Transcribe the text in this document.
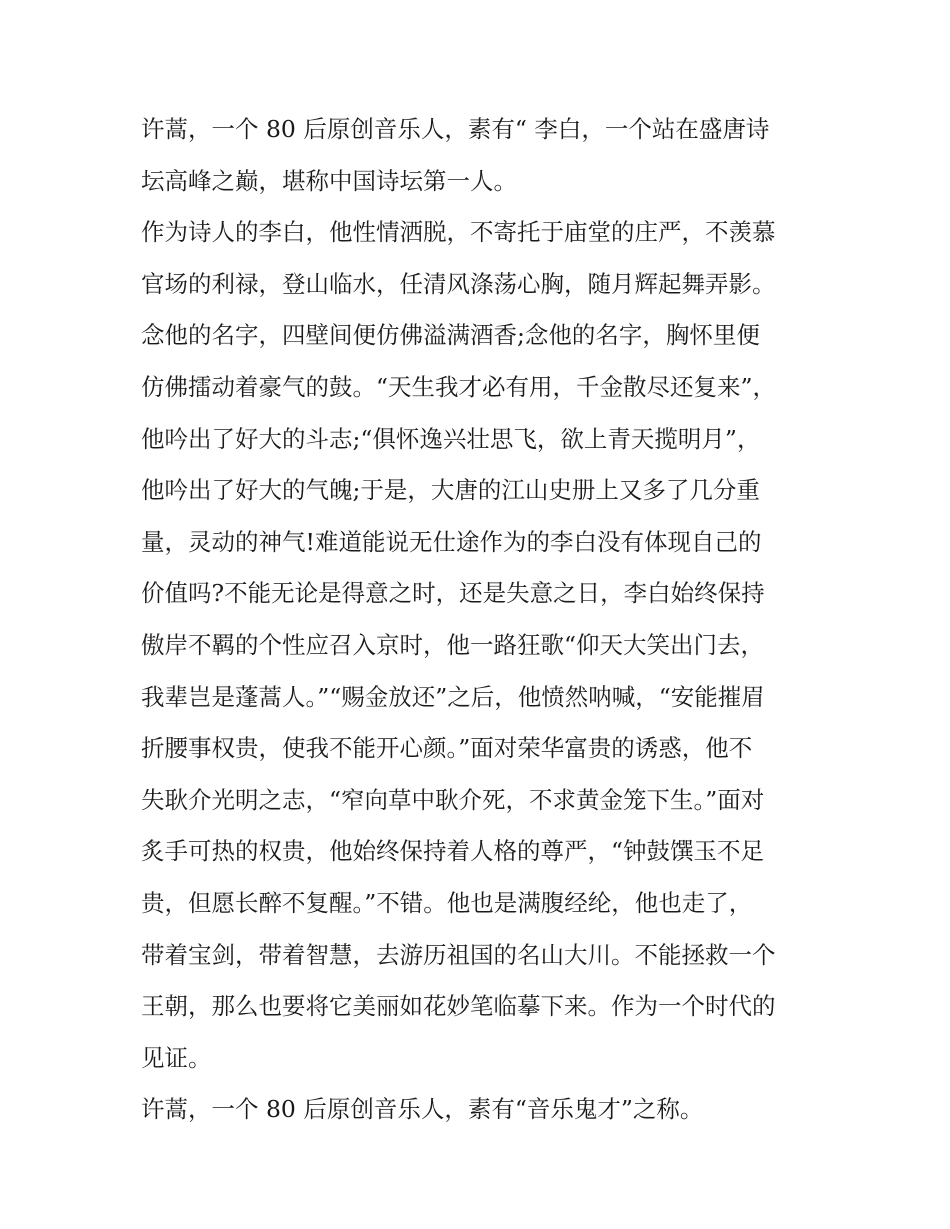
许蒿，一个 80 后原创音乐人，素有“ 李白，一个站在盛唐诗
坛高峰之巅，堪称中国诗坛第一人。
作为诗人的李白，他性情洒脱，不寄托于庙堂的庄严，不羡慕
官场的利禄，登山临水，任清风涤荡心胸，随月辉起舞弄影。
念他的名字，四壁间便仿佛溢满酒香;念他的名字，胸怀里便
仿佛擂动着豪气的鼓。“天生我才必有用，千金散尽还复来”，
他吟出了好大的斗志;“俱怀逸兴壮思飞，欲上青天揽明月”，
他吟出了好大的气魄;于是，大唐的江山史册上又多了几分重
量，灵动的神气!难道能说无仕途作为的李白没有体现自己的
价值吗?不能无论是得意之时，还是失意之日，李白始终保持
傲岸不羁的个性应召入京时，他一路狂歌“仰天大笑出门去，
我辈岂是蓬蒿人。”“赐金放还”之后，他愤然呐喊，“安能摧眉
折腰事权贵，使我不能开心颜。”面对荣华富贵的诱惑，他不
失耿介光明之志，“窄向草中耿介死，不求黄金笼下生。”面对
炙手可热的权贵，他始终保持着人格的尊严，“钟鼓馔玉不足
贵，但愿长醉不复醒。”不错。他也是满腹经纶，他也走了，
带着宝剑，带着智慧，去游历祖国的名山大川。不能拯救一个
王朝，那么也要将它美丽如花妙笔临摹下来。作为一个时代的
见证。
许蒿，一个 80 后原创音乐人，素有“音乐鬼才”之称。
